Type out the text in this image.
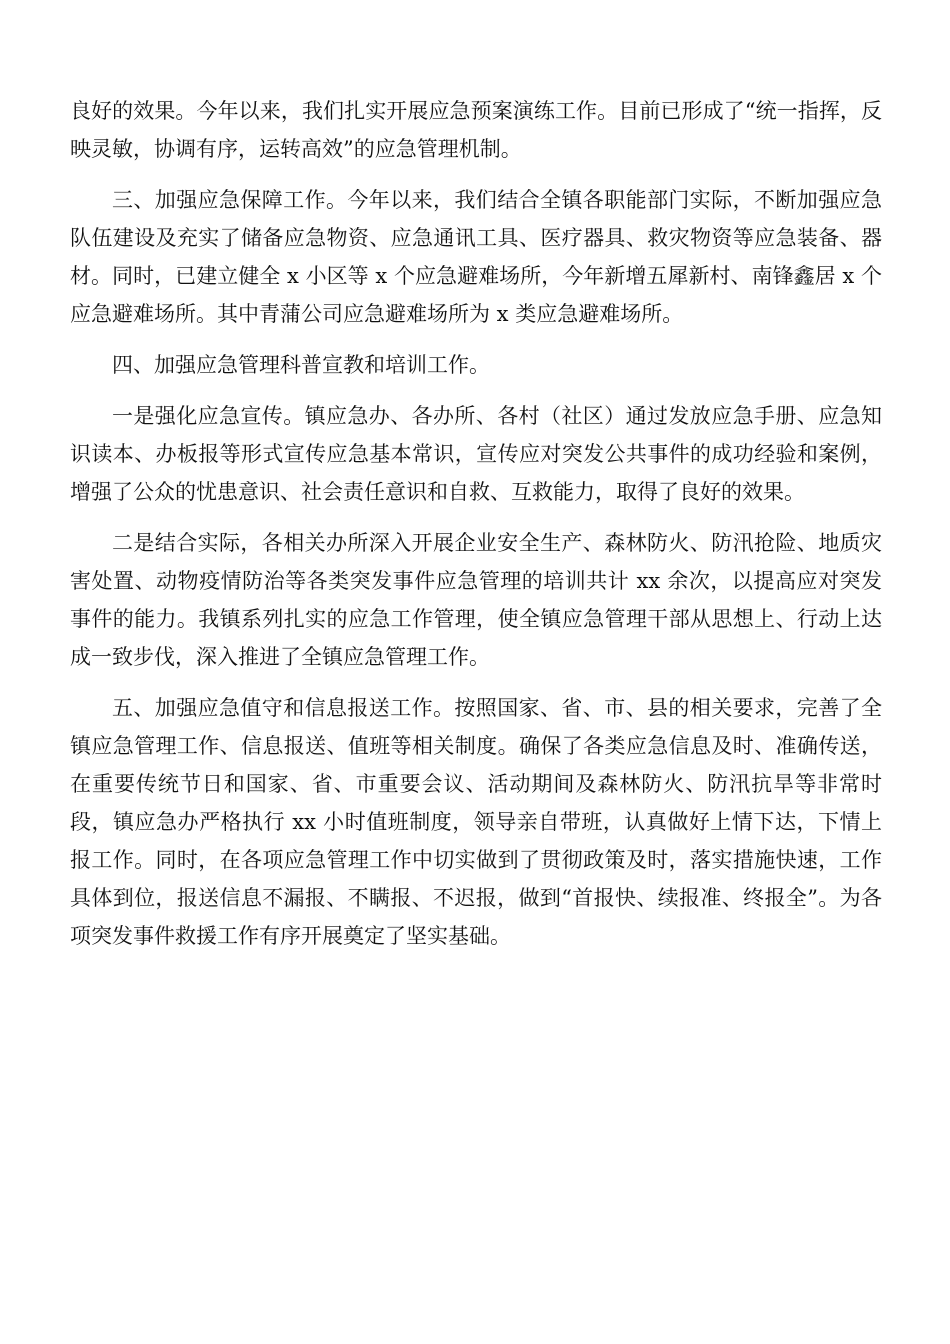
良好的效果。今年以来，我们扎实开展应急预案演练工作。目前已形成了“统一指挥，反映灵敏，协调有序，运转高效”的应急管理机制。

三、加强应急保障工作。今年以来，我们结合全镇各职能部门实际，不断加强应急队伍建设及充实了储备应急物资、应急通讯工具、医疗器具、救灾物资等应急装备、器材。同时，已建立健全 x 小区等 x 个应急避难场所，今年新增五犀新村、南锋鑫居 x 个应急避难场所。其中青蒲公司应急避难场所为 x 类应急避难场所。

四、加强应急管理科普宣教和培训工作。

一是强化应急宣传。镇应急办、各办所、各村（社区）通过发放应急手册、应急知识读本、办板报等形式宣传应急基本常识，宣传应对突发公共事件的成功经验和案例，增强了公众的忧患意识、社会责任意识和自救、互救能力，取得了良好的效果。

二是结合实际，各相关办所深入开展企业安全生产、森林防火、防汛抢险、地质灾害处置、动物疫情防治等各类突发事件应急管理的培训共计 xx 余次，以提高应对突发事件的能力。我镇系列扎实的应急工作管理，使全镇应急管理干部从思想上、行动上达成一致步伐，深入推进了全镇应急管理工作。

五、加强应急值守和信息报送工作。按照国家、省、市、县的相关要求，完善了全镇应急管理工作、信息报送、值班等相关制度。确保了各类应急信息及时、准确传送，在重要传统节日和国家、省、市重要会议、活动期间及森林防火、防汛抗旱等非常时段，镇应急办严格执行 xx 小时值班制度，领导亲自带班，认真做好上情下达，下情上报工作。同时，在各项应急管理工作中切实做到了贯彻政策及时，落实措施快速，工作具体到位，报送信息不漏报、不瞒报、不迟报，做到“首报快、续报准、终报全”。为各项突发事件救援工作有序开展奠定了坚实基础。
